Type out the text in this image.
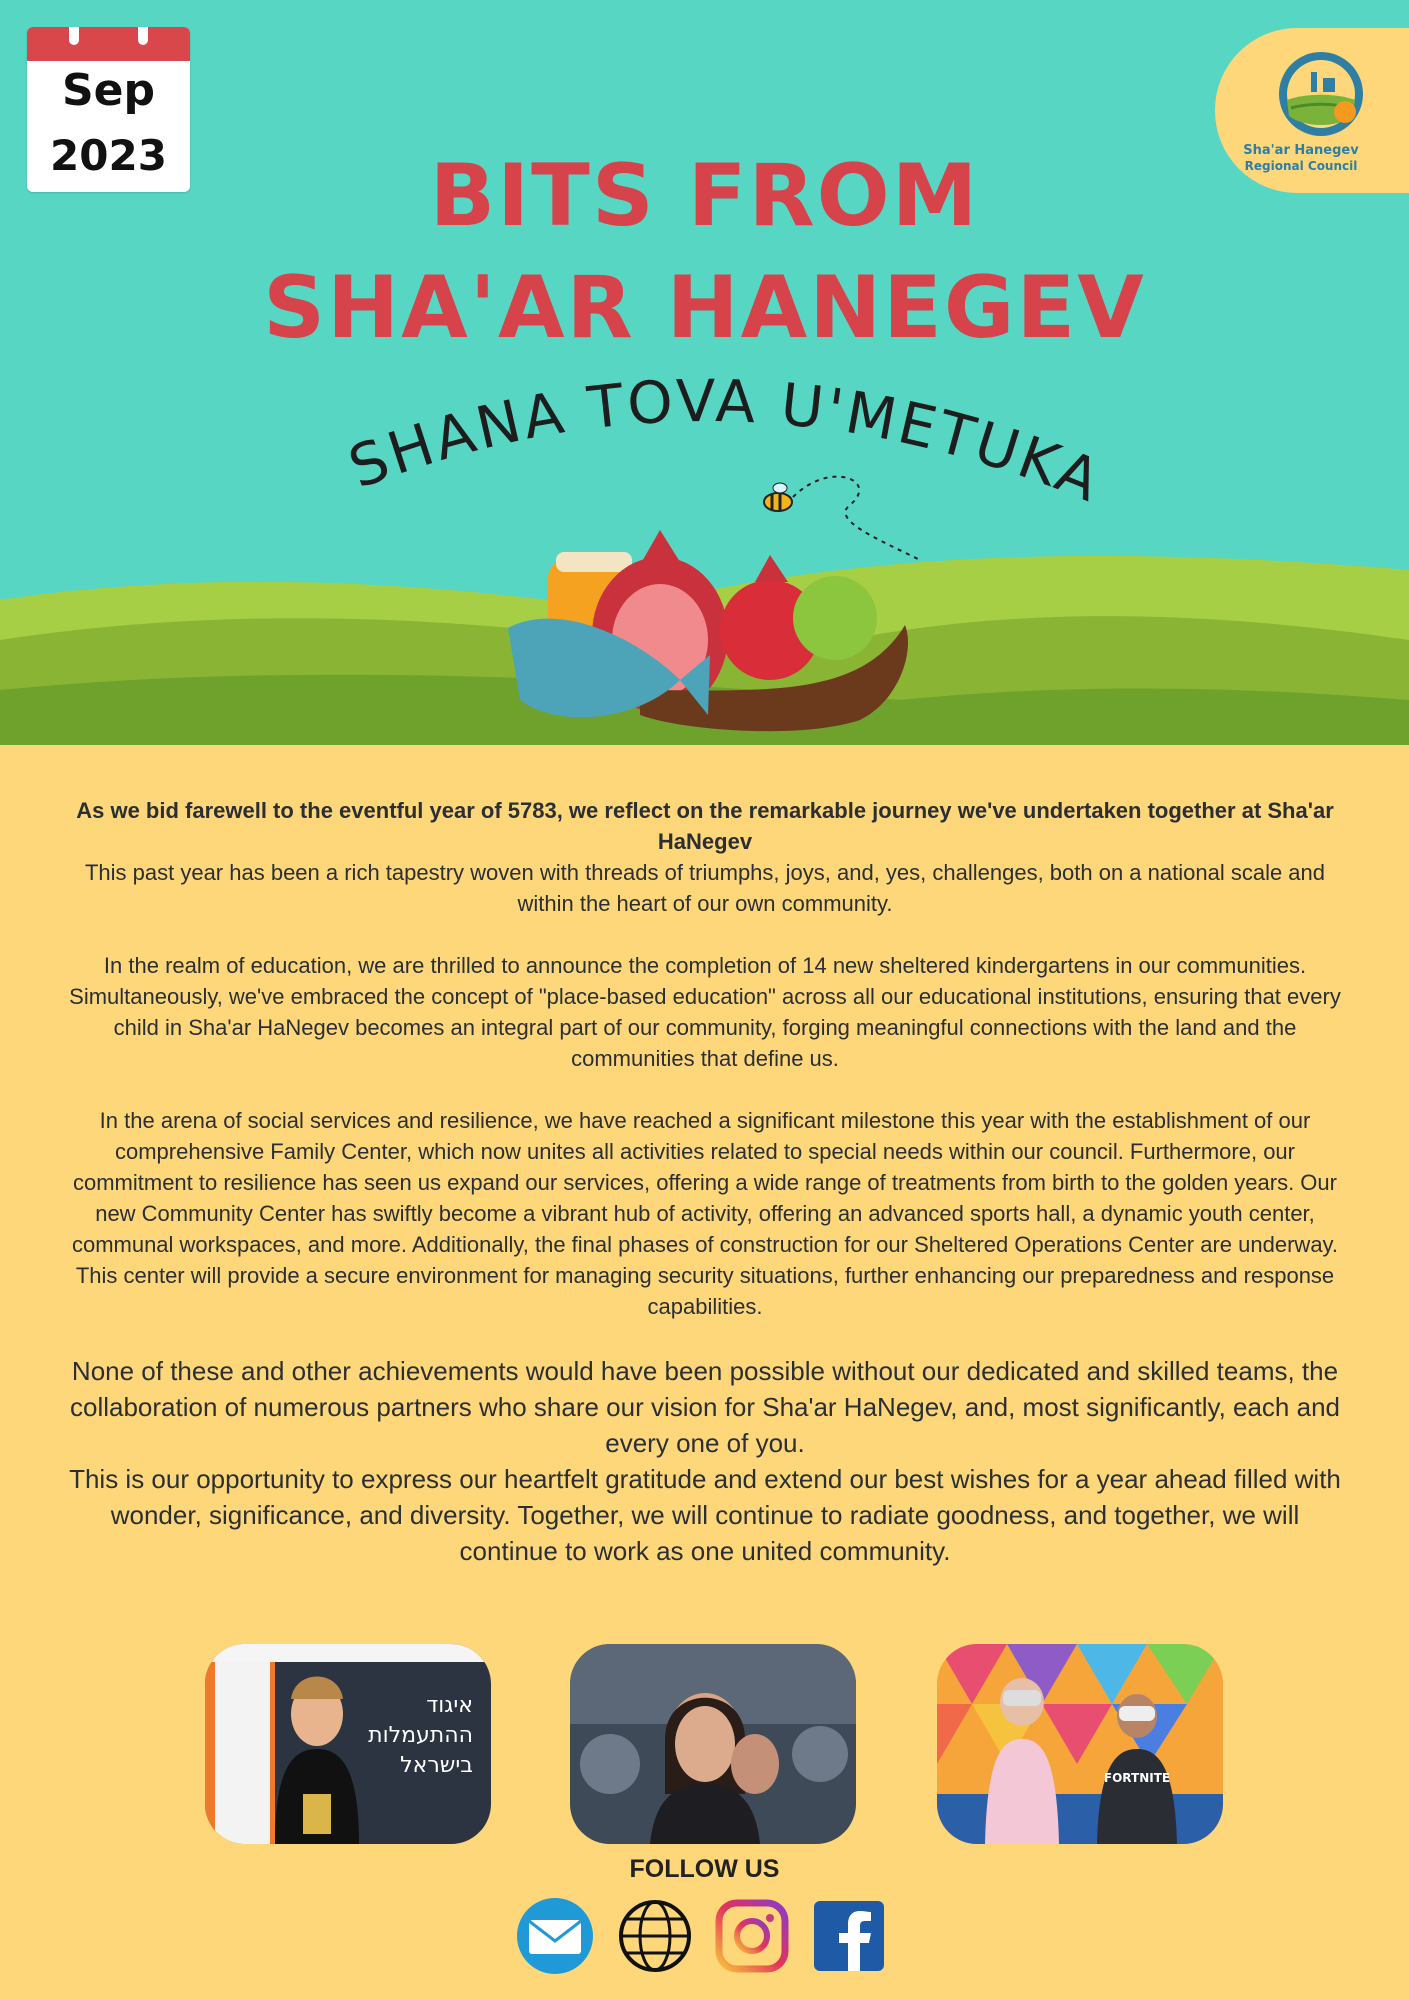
BITS FROM
SHA'AR HANEGEV
SHANA TOVA U'METUKA
Sep
2023	Sha'ar Hanegev
Regional Council

As we bid farewell to the eventful year of 5783, we reflect on the remarkable journey we've undertaken together at Sha'ar HaNegev

This past year has been a rich tapestry woven with threads of triumphs, joys, and, yes, challenges, both on a national scale and within the heart of our own community.

In the realm of education, we are thrilled to announce the completion of 14 new sheltered kindergartens in our communities. Simultaneously, we've embraced the concept of "place-based education" across all our educational institutions, ensuring that every child in Sha'ar HaNegev becomes an integral part of our community, forging meaningful connections with the land and the communities that define us.

In the arena of social services and resilience, we have reached a significant milestone this year with the establishment of our comprehensive Family Center, which now unites all activities related to special needs within our council. Furthermore, our commitment to resilience has seen us expand our services, offering a wide range of treatments from birth to the golden years. Our new Community Center has swiftly become a vibrant hub of activity, offering an advanced sports hall, a dynamic youth center, communal workspaces, and more. Additionally, the final phases of construction for our Sheltered Operations Center are underway. This center will provide a secure environment for managing security situations, further enhancing our preparedness and response capabilities.

None of these and other achievements would have been possible without our dedicated and skilled teams, the collaboration of numerous partners who share our vision for Sha'ar HaNegev, and, most significantly, each and every one of you.

This is our opportunity to express our heartfelt gratitude and extend our best wishes for a year ahead filled with wonder, significance, and diversity. Together, we will continue to radiate goodness, and together, we will continue to work as one united community.

איגוד
ההתעמלות
בישראל	FORTNITE
FOLLOW US
